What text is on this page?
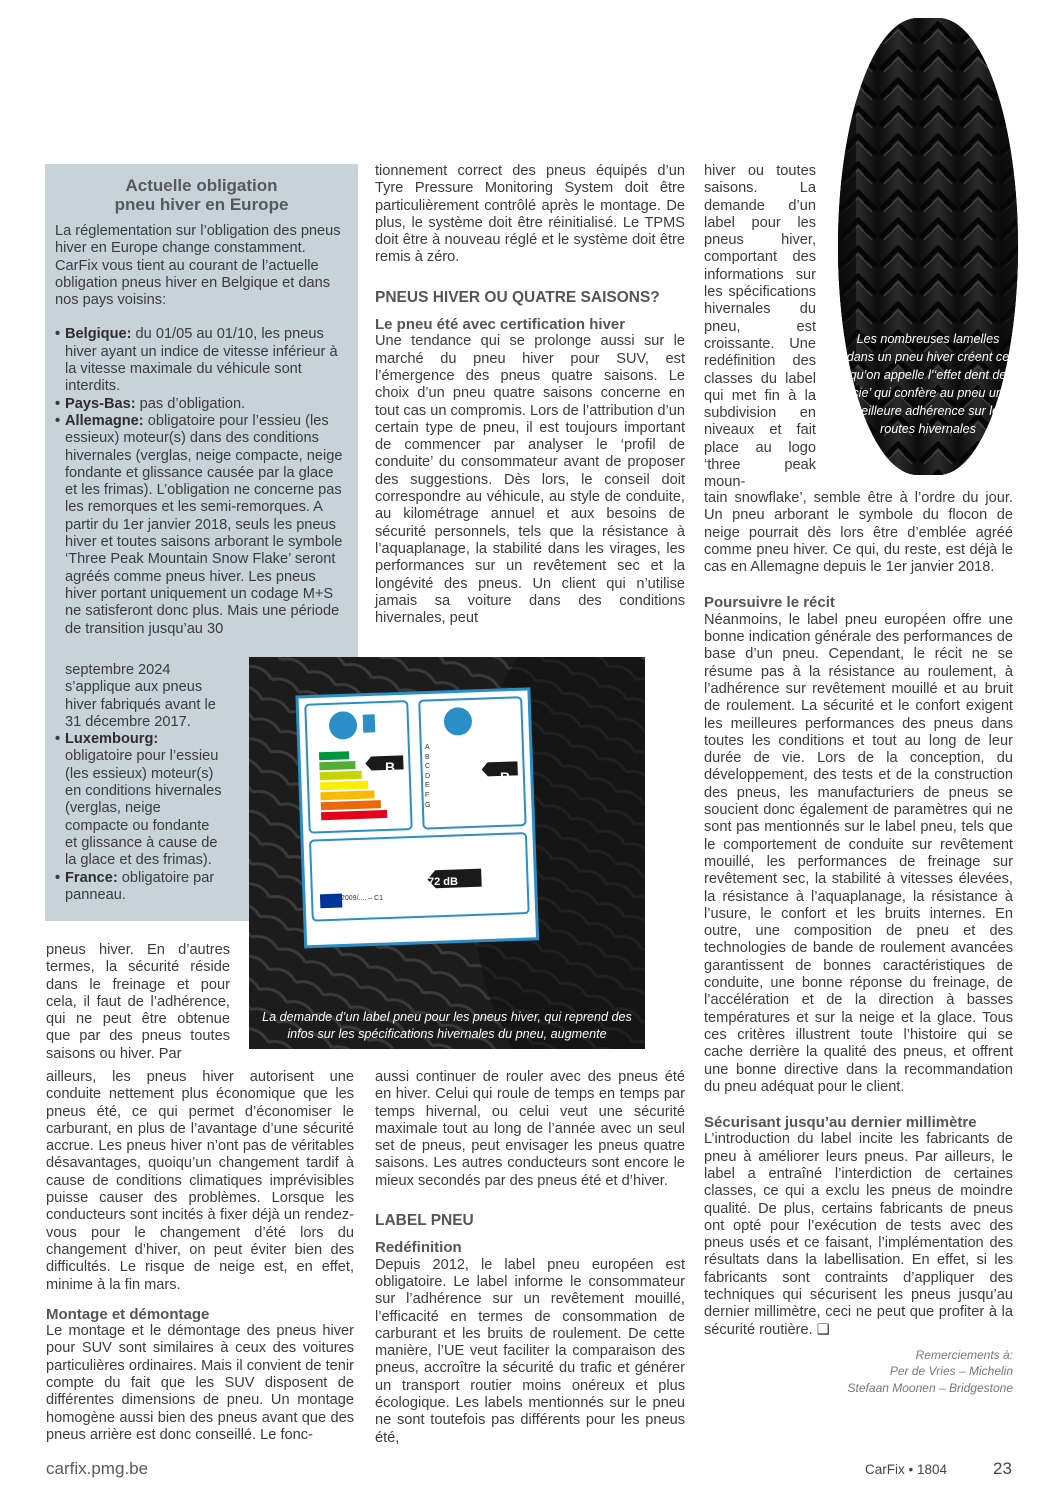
Actuelle obligation
pneu hiver en Europe

La réglementation sur l’obligation des pneus hiver en Europe change constamment. CarFix vous tient au courant de l’actuelle obligation pneus hiver en Belgique et dans nos pays voisins:

• Belgique: du 01/05 au 01/10, les pneus hiver ayant un indice de vitesse inférieur à la vitesse maximale du véhicule sont interdits.
• Pays-Bas: pas d’obligation.
• Allemagne: obligatoire pour l’essieu (les essieux) moteur(s) dans des conditions hivernales (verglas, neige compacte, neige fondante et glissance causée par la glace et les frimas). L’obligation ne concerne pas les remorques et les semi-remorques. A partir du 1er janvier 2018, seuls les pneus hiver et toutes saisons arborant le symbole ‘Three Peak Mountain Snow Flake’ seront agréés comme pneus hiver. Les pneus hiver portant uniquement un codage M+S ne satisferont donc plus. Mais une période de transition jusqu’au 30

septembre 2024 s’applique aux pneus hiver fabriqués avant le 31 décembre 2017.

• Luxembourg: obligatoire pour l’essieu (les essieux) moteur(s) en conditions hivernales (verglas, neige compacte ou fondante et glissance à cause de la glace et des frimas).
• France: obligatoire par panneau.

pneus hiver. En d’autres termes, la sécurité réside dans le freinage et pour cela, il faut de l’adhérence, qui ne peut être obtenue que par des pneus toutes saisons ou hiver. Par

ailleurs, les pneus hiver autorisent une conduite nettement plus économique que les pneus été, ce qui permet d’économiser le carburant, en plus de l’avantage d’une sécurité accrue. Les pneus hiver n’ont pas de véritables désavantages, quoiqu’un changement tardif à cause de conditions climatiques imprévisibles puisse causer des problèmes. Lorsque les conducteurs sont incités à fixer déjà un rendez-vous pour le changement d’été lors du changement d’hiver, on peut éviter bien des difficultés. Le risque de neige est, en effet, minime à la fin mars.

Montage et démontage

Le montage et le démontage des pneus hiver pour SUV sont similaires à ceux des voitures particulières ordinaires. Mais il convient de tenir compte du fait que les SUV disposent de différentes dimensions de pneu. Un montage homogène aussi bien des pneus avant que des pneus arrière est donc conseillé. Le fonc-

tionnement correct des pneus équipés d’un Tyre Pressure Monitoring System doit être particulièrement contrôlé après le montage. De plus, le système doit être réinitialisé. Le TPMS doit être à nouveau réglé et le système doit être remis à zéro.

PNEUS HIVER OU QUATRE SAISONS?

Le pneu été avec certification hiver

Une tendance qui se prolonge aussi sur le marché du pneu hiver pour SUV, est l’émergence des pneus quatre saisons. Le choix d’un pneu quatre saisons concerne en tout cas un compromis. Lors de l’attribution d’un certain type de pneu, il est toujours important de commencer par analyser le ‘profil de conduite’ du consommateur avant de proposer des suggestions. Dès lors, le conseil doit correspondre au véhicule, au style de conduite, au kilométrage annuel et aux besoins de sécurité personnels, tels que la résistance à l’aquaplanage, la stabilité dans les virages, les performances sur un revêtement sec et la longévité des pneus. Un client qui n’utilise jamais sa voiture dans des conditions hivernales, peut

aussi continuer de rouler avec des pneus été en hiver. Celui qui roule de temps en temps par temps hivernal, ou celui veut une sécurité maximale tout au long de l’année avec un seul set de pneus, peut envisager les pneus quatre saisons. Les autres conducteurs sont encore le mieux secondés par des pneus été et d’hiver.

LABEL PNEU

Redéfinition

Depuis 2012, le label pneu européen est obligatoire. Le label informe le consommateur sur l’adhérence sur un revêtement mouillé, l’efficacité en termes de consommation de carburant et les bruits de roulement. De cette manière, l’UE veut faciliter la comparaison des pneus, accroître la sécurité du trafic et générer un transport routier moins onéreux et plus écologique. Les labels mentionnés sur le pneu ne sont toutefois pas différents pour les pneus été,

hiver ou toutes saisons. La demande d’un label pour les pneus hiver, comportant des informations sur les spécifications hivernales du pneu, est croissante. Une redéfinition des classes du label qui met fin à la subdivision en niveaux et fait place au logo ‘three peak moun-

tain snowflake’, semble être à l’ordre du jour. Un pneu arborant le symbole du flocon de neige pourrait dès lors être d’emblée agréé comme pneu hiver. Ce qui, du reste, est déjà le cas en Allemagne depuis le 1er janvier 2018.

Poursuivre le récit

Néanmoins, le label pneu européen offre une bonne indication générale des performances de base d’un pneu. Cependant, le récit ne se résume pas à la résistance au roulement, à l’adhérence sur revêtement mouillé et au bruit de roulement. La sécurité et le confort exigent les meilleures performances des pneus dans toutes les conditions et tout au long de leur durée de vie. Lors de la conception, du développement, des tests et de la construction des pneus, les manufacturiers de pneus se soucient donc également de paramètres qui ne sont pas mentionnés sur le label pneu, tels que le comportement de conduite sur revêtement mouillé, les performances de freinage sur revêtement sec, la stabilité à vitesses élevées, la résistance à l’aquaplanage, la résistance à l’usure, le confort et les bruits internes. En outre, une composition de pneu et des technologies de bande de roulement avancées garantissent de bonnes caractéristiques de conduite, une bonne réponse du freinage, de l’accélération et de la direction à basses températures et sur la neige et la glace. Tous ces critères illustrent toute l’histoire qui se cache derrière la qualité des pneus, et offrent une bonne directive dans la recommandation du pneu adéquat pour le client.

Sécurisant jusqu’au dernier millimètre

L’introduction du label incite les fabricants de pneu à améliorer leurs pneus. Par ailleurs, le label a entraîné l’interdiction de certaines classes, ce qui a exclu les pneus de moindre qualité. De plus, certains fabricants de pneus ont opté pour l’exécution de tests avec des pneus usés et ce faisant, l’implémentation des résultats dans la labellisation. En effet, si les fabricants sont contraints d’appliquer des techniques qui sécurisent les pneus jusqu’au dernier millimètre, ceci ne peut que profiter à la sécurité routière. ❑

Remerciements à:
Per de Vries – Michelin
Stefaan Moonen – Bridgestone
Les nombreuses lamelles dans un pneu hiver créent ce qu’on appelle l’‘effet dent de scie’ qui confère au pneu une meilleure adhérence sur les routes hivernales
B
B
72 dB
2009/.... – C1
A
B
C
D
E
F
G
La demande d’un label pneu pour les pneus hiver, qui reprend des infos sur les spécifications hivernales du pneu, augmente
carfix.pmg.be	CarFix • 1804	23
